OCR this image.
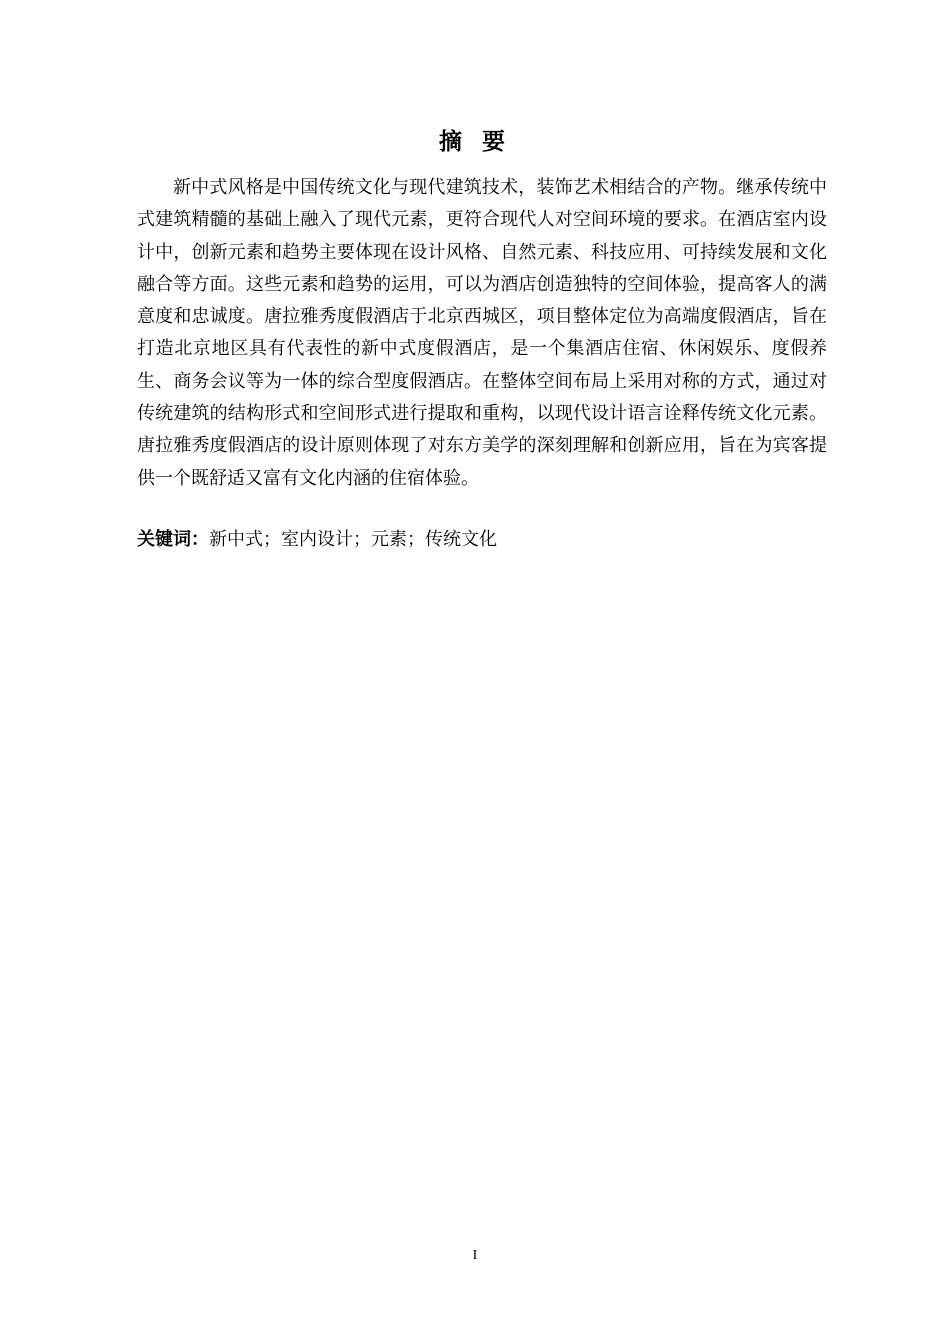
摘 要

新中式风格是中国传统文化与现代建筑技术，装饰艺术相结合的产物。继承传统中式建筑精髓的基础上融入了现代元素，更符合现代人对空间环境的要求。在酒店室内设计中，创新元素和趋势主要体现在设计风格、自然元素、科技应用、可持续发展和文化融合等方面。这些元素和趋势的运用，可以为酒店创造独特的空间体验，提高客人的满意度和忠诚度。唐拉雅秀度假酒店于北京西城区，项目整体定位为高端度假酒店，旨在打造北京地区具有代表性的新中式度假酒店，是一个集酒店住宿、休闲娱乐、度假养生、商务会议等为一体的综合型度假酒店。在整体空间布局上采用对称的方式，通过对传统建筑的结构形式和空间形式进行提取和重构，以现代设计语言诠释传统文化元素。唐拉雅秀度假酒店的设计原则体现了对东方美学的深刻理解和创新应用，旨在为宾客提供一个既舒适又富有文化内涵的住宿体验。

关键词：新中式；室内设计；元素；传统文化
I
